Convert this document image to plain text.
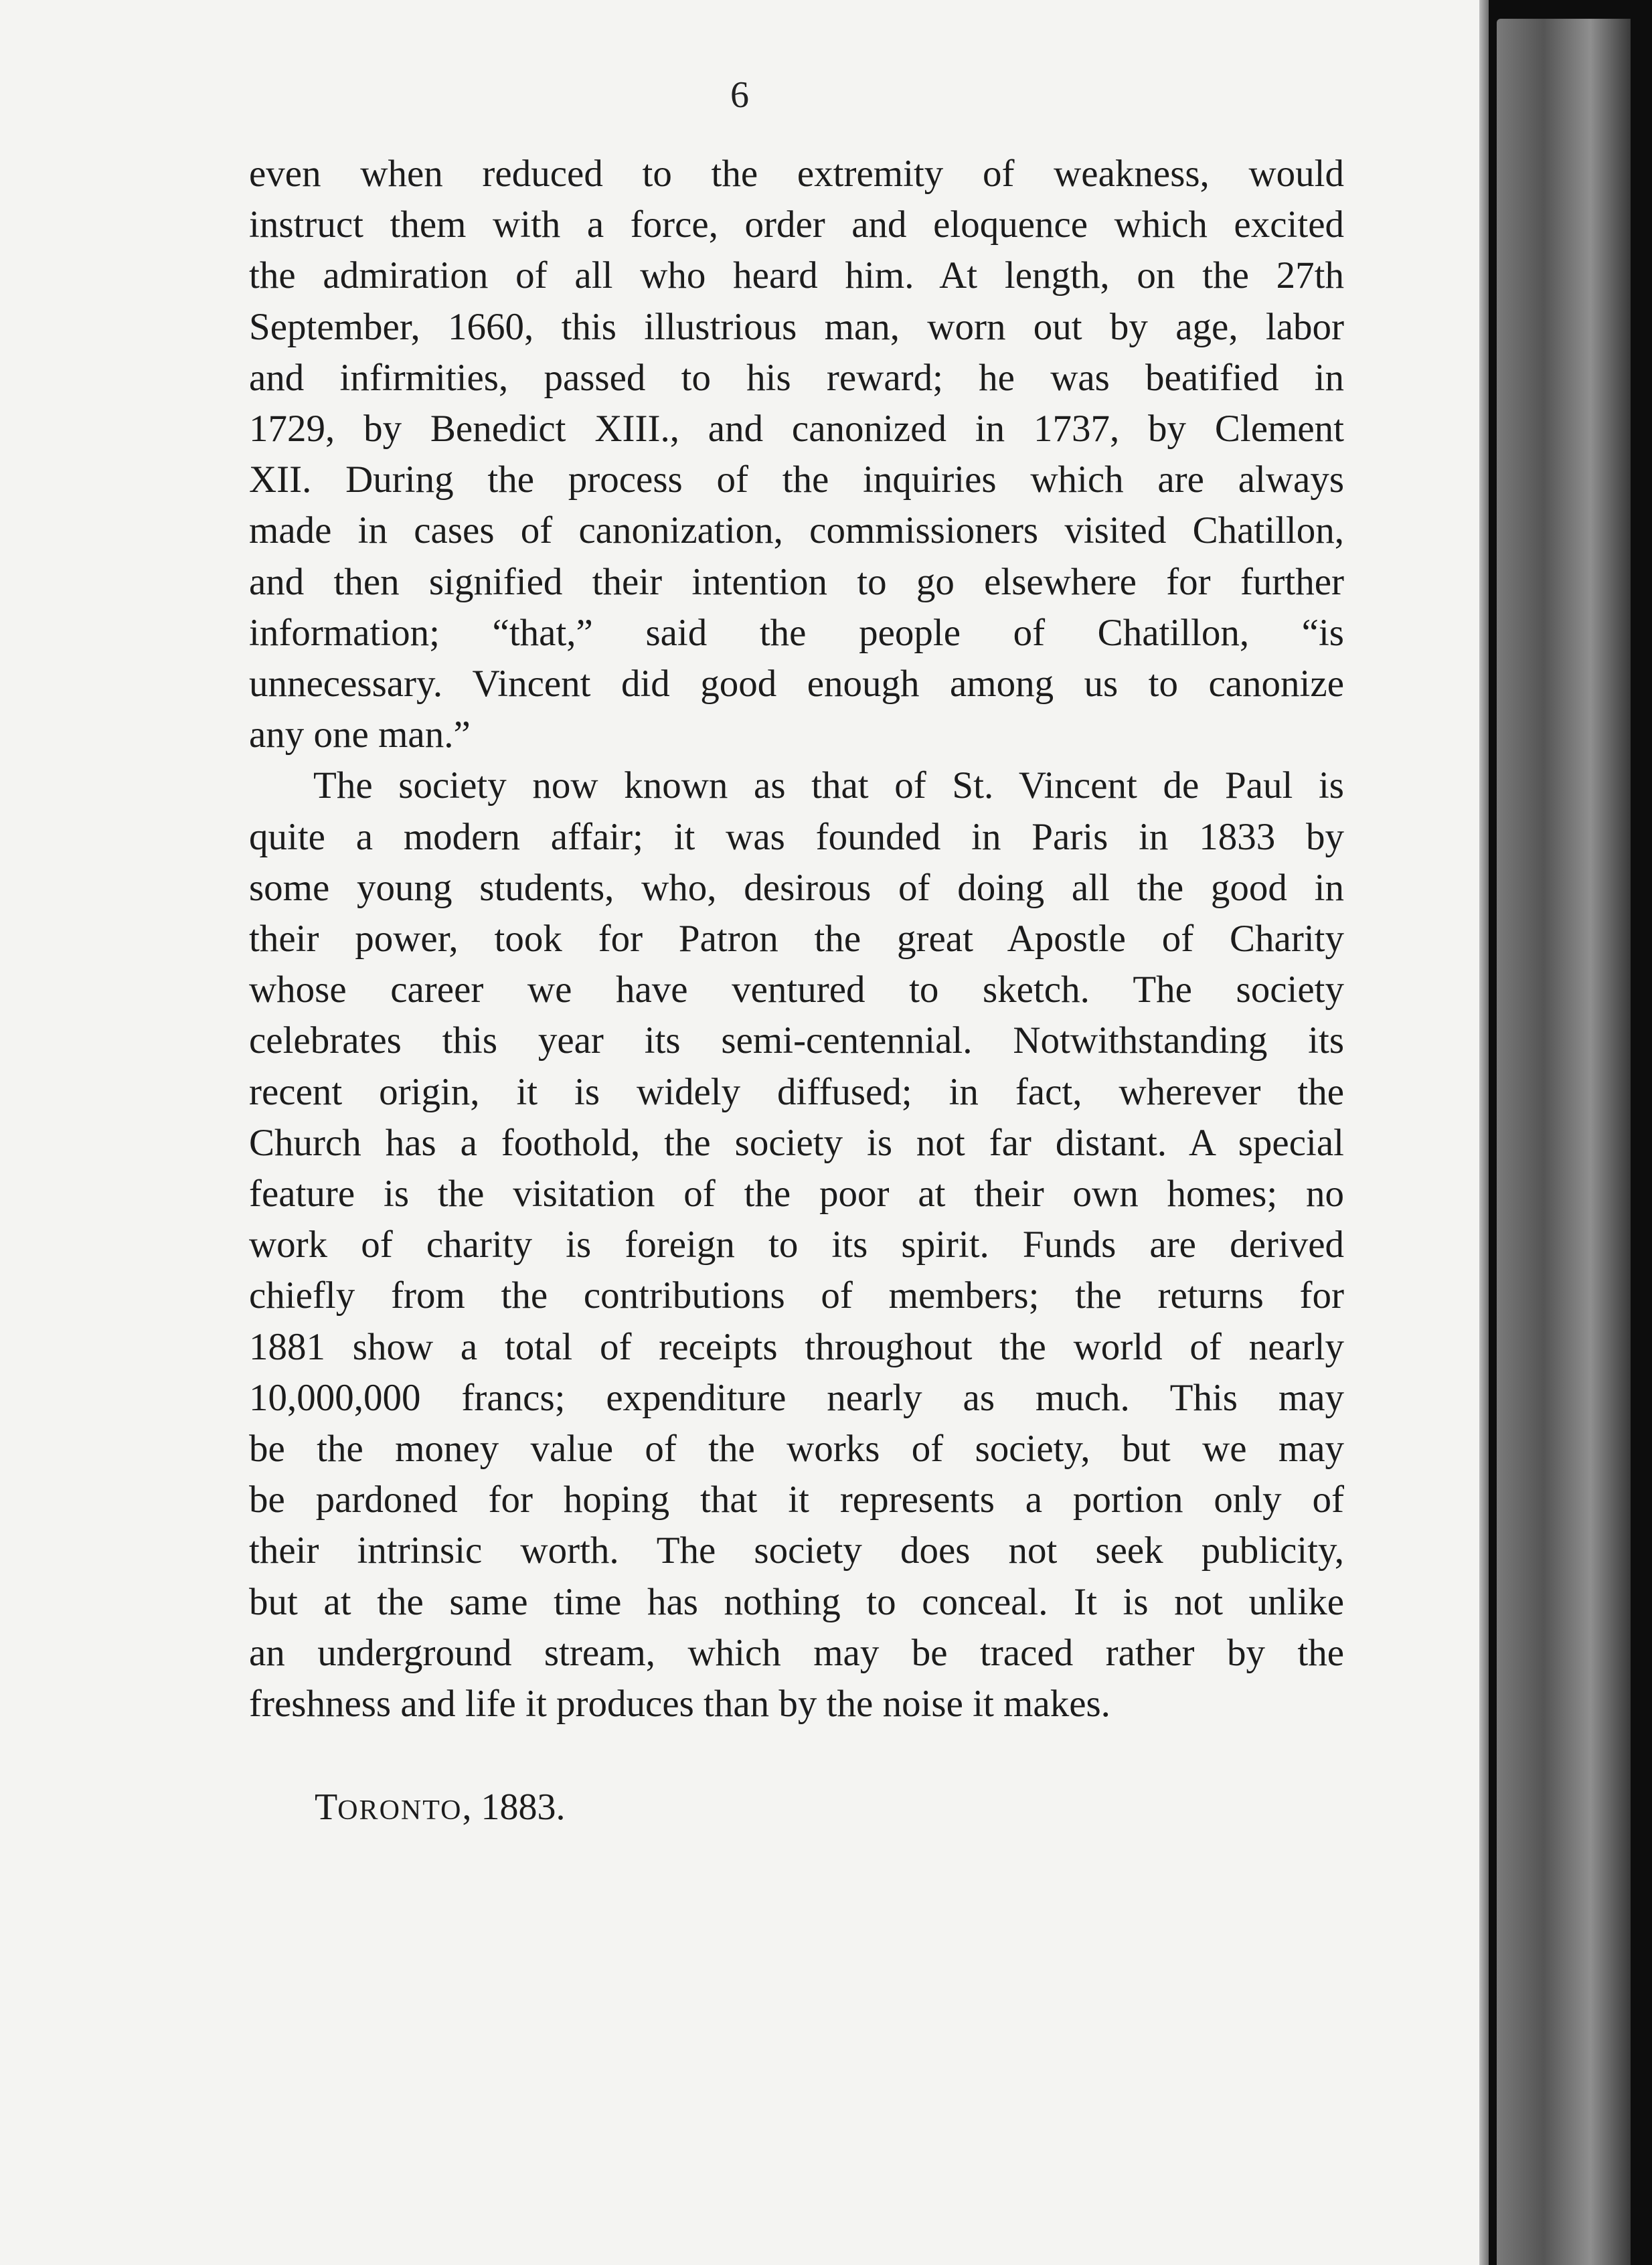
6
even when reduced to the extremity of weakness, would
instruct them with a force, order and eloquence which excited
the admiration of all who heard him. At length, on the 27th
September, 1660, this illustrious man, worn out by age, labor
and infirmities, passed to his reward; he was beatified in
1729, by Benedict XIII., and canonized in 1737, by Clement
XII. During the process of the inquiries which are always
made in cases of canonization, commissioners visited Chatillon,
and then signified their intention to go elsewhere for further
information; “that,” said the people of Chatillon, “is
unnecessary. Vincent did good enough among us to canonize
any one man.”
The society now known as that of St. Vincent de Paul is
quite a modern affair; it was founded in Paris in 1833 by
some young students, who, desirous of doing all the good in
their power, took for Patron the great Apostle of Charity
whose career we have ventured to sketch. The society
celebrates this year its semi-centennial. Notwithstanding its
recent origin, it is widely diffused; in fact, wherever the
Church has a foothold, the society is not far distant. A special
feature is the visitation of the poor at their own homes; no
work of charity is foreign to its spirit. Funds are derived
chiefly from the contributions of members; the returns for
1881 show a total of receipts throughout the world of nearly
10,000,000 francs; expenditure nearly as much. This may
be the money value of the works of society, but we may
be pardoned for hoping that it represents a portion only of
their intrinsic worth. The society does not seek publicity,
but at the same time has nothing to conceal. It is not unlike
an underground stream, which may be traced rather by the
freshness and life it produces than by the noise it makes.
TORONTO, 1883.
